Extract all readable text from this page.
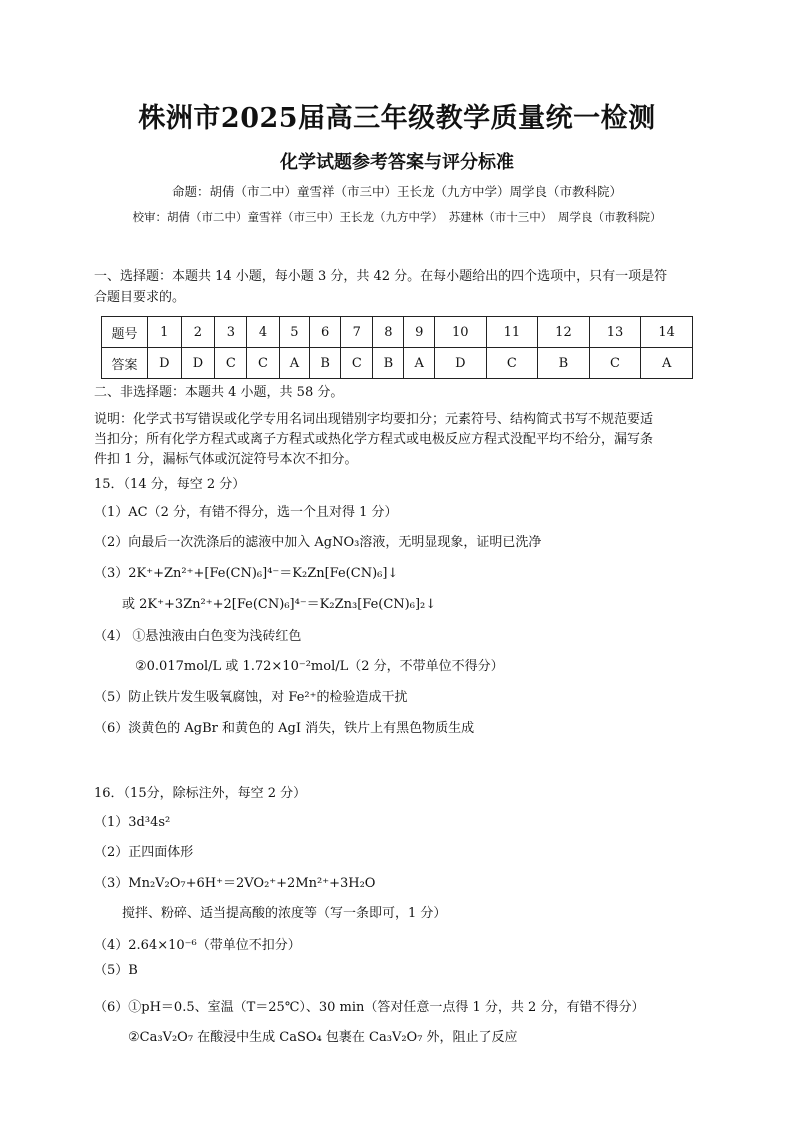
株洲市2025届高三年级教学质量统一检测
化学试题参考答案与评分标准
命题：胡倩（市二中）童雪祥（市三中）王长龙（九方中学）周学良（市教科院）
校审：胡倩（市二中）童雪祥（市三中）王长龙（九方中学）　苏建林（市十三中）　周学良（市教科院）
一、选择题：本题共 14 小题，每小题 3 分，共 42 分。在每小题给出的四个选项中，只有一项是符
合题目要求的。
题号	1	2	3	4	5	6	7	8	9	10	11	12	13	14
答案	D	D	C	C	A	B	C	B	A	D	C	B	C	A
二、非选择题：本题共 4 小题，共 58 分。
说明：化学式书写错误或化学专用名词出现错别字均要扣分；元素符号、结构简式书写不规范要适
当扣分；所有化学方程式或离子方程式或热化学方程式或电极反应方程式没配平均不给分，漏写条
件扣 1 分，漏标气体或沉淀符号本次不扣分。
15．（14 分，每空 2 分）
（1）AC（2 分，有错不得分，选一个且对得 1 分）
（2）向最后一次洗涤后的滤液中加入 AgNO₃溶液，无明显现象，证明已洗净
（3）2K⁺+Zn²⁺+[Fe(CN)₆]⁴⁻＝K₂Zn[Fe(CN)₆]↓
或 2K⁺+3Zn²⁺+2[Fe(CN)₆]⁴⁻＝K₂Zn₃[Fe(CN)₆]₂↓
（4） ①悬浊液由白色变为浅砖红色
②0.017mol/L 或 1.72×10⁻²mol/L（2 分，不带单位不得分）
（5）防止铁片发生吸氧腐蚀，对 Fe²⁺的检验造成干扰
（6）淡黄色的 AgBr 和黄色的 AgI 消失，铁片上有黑色物质生成
16．（15分，除标注外，每空 2 分）
（1）3d³4s²
（2）正四面体形
（3）Mn₂V₂O₇+6H⁺＝2VO₂⁺+2Mn²⁺+3H₂O
搅拌、粉碎、适当提高酸的浓度等（写一条即可，1 分）
（4）2.64×10⁻⁶（带单位不扣分）
（5）B
（6）①pH＝0.5、室温（T＝25℃）、30 min（答对任意一点得 1 分，共 2 分，有错不得分）
②Ca₃V₂O₇ 在酸浸中生成 CaSO₄ 包裹在 Ca₃V₂O₇ 外，阻止了反应
